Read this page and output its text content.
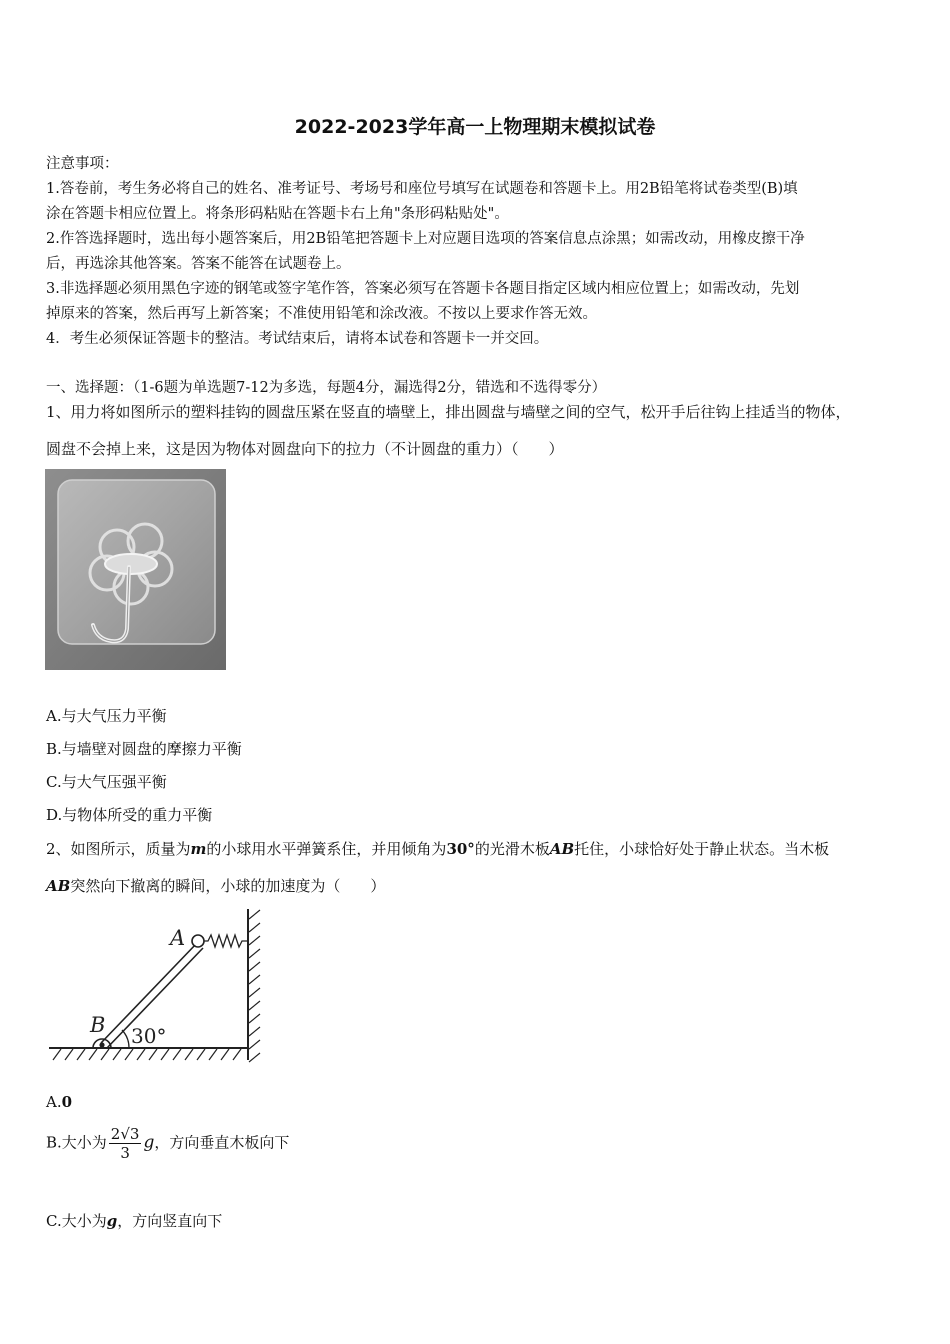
2022-2023学年高一上物理期末模拟试卷
注意事项：
1.答卷前，考生务必将自己的姓名、准考证号、考场号和座位号填写在试题卷和答题卡上。用2B铅笔将试卷类型(B)填
涂在答题卡相应位置上。将条形码粘贴在答题卡右上角"条形码粘贴处"。
2.作答选择题时，选出每小题答案后，用2B铅笔把答题卡上对应题目选项的答案信息点涂黑；如需改动，用橡皮擦干净
后，再选涂其他答案。答案不能答在试题卷上。
3.非选择题必须用黑色字迹的钢笔或签字笔作答，答案必须写在答题卡各题目指定区域内相应位置上；如需改动，先划
掉原来的答案，然后再写上新答案；不准使用铅笔和涂改液。不按以上要求作答无效。
4．考生必须保证答题卡的整洁。考试结束后，请将本试卷和答题卡一并交回。
一、选择题：（1-6题为单选题7-12为多选，每题4分，漏选得2分，错选和不选得零分）
1、用力将如图所示的塑料挂钩的圆盘压紧在竖直的墙壁上，排出圆盘与墙壁之间的空气，松开手后往钩上挂适当的物体，
圆盘不会掉上来，这是因为物体对圆盘向下的拉力（不计圆盘的重力）（　　）
A.与大气压力平衡
B.与墙壁对圆盘的摩擦力平衡
C.与大气压强平衡
D.与物体所受的重力平衡
2、如图所示，质量为m的小球用水平弹簧系住，并用倾角为30°的光滑木板AB托住，小球恰好处于静止状态。当木板
AB突然向下撤离的瞬间，小球的加速度为（　　）
A
B 30°
A.0
B.大小为 $\frac{2√3}{3}$ g，方向垂直木板向下
C.大小为g，方向竖直向下
